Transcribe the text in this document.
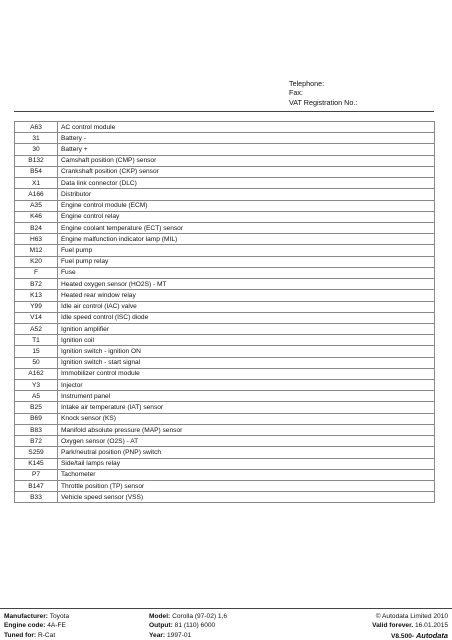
Telephone:
Fax:
VAT Registration No.:
A63	AC control module
31	Battery -
30	Battery +
B132	Camshaft position (CMP) sensor
B54	Crankshaft position (CKP) sensor
X1	Data link connector (DLC)
A166	Distributor
A35	Engine control module (ECM)
K46	Engine control relay
B24	Engine coolant temperature (ECT) sensor
H63	Engine malfunction indicator lamp (MIL)
M12	Fuel pump
K20	Fuel pump relay
F	Fuse
B72	Heated oxygen sensor (HO2S) - MT
K13	Heated rear window relay
Y99	Idle air control (IAC) valve
V14	Idle speed control (ISC) diode
A52	Ignition amplifier
T1	Ignition coil
15	Ignition switch - ignition ON
50	Ignition switch - start signal
A162	Immobilizer control module
Y3	Injector
A5	Instrument panel
B25	Intake air temperature (IAT) sensor
B69	Knock sensor (KS)
B83	Manifold absolute pressure (MAP) sensor
B72	Oxygen sensor (O2S) - AT
S259	Park/neutral position (PNP) switch
K145	Side/tail lamps relay
P7	Tachometer
B147	Throttle position (TP) sensor
B33	Vehicle speed sensor (VSS)
Manufacturer: Toyota
Engine code: 4A-FE
Tuned for: R-Cat
Model: Corolla (97-02) 1,6
Output: 81 (110) 6000
Year: 1997-01
© Autodata Limited 2010
Valid forever. 16.01.2015
V8.500- Autodata
